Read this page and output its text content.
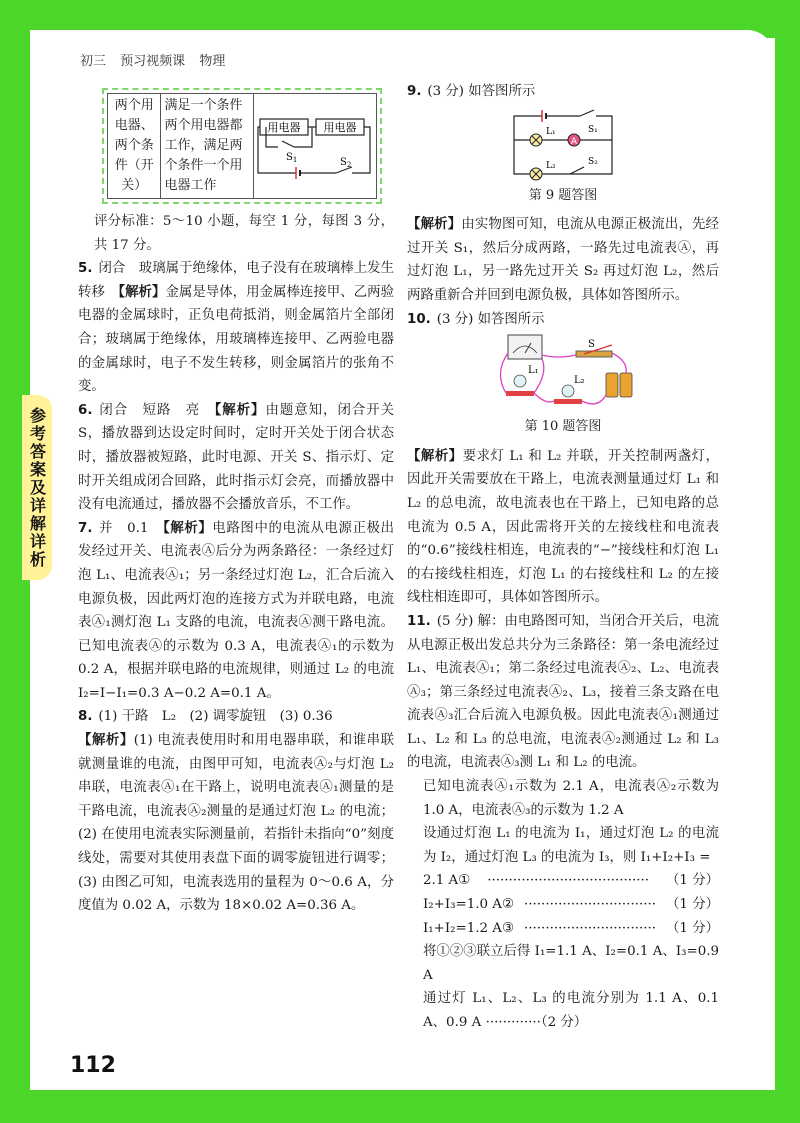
参考答案及详解详析
初三 预习视频课 物理
两个用电器、两个条件（开关）	满足一个条件两个用电器都工作，满足两个条件一个用电器工作	
用电器 用电器
$S_1$	$S_2$

评分标准：5～10 小题，每空 1 分，每图 3 分，共 17 分。

5. 闭合　玻璃属于绝缘体，电子没有在玻璃棒上发生转移　【解析】金属是导体，用金属棒连接甲、乙两验电器的金属球时，正负电荷抵消，则金属箔片全部闭合；玻璃属于绝缘体，用玻璃棒连接甲、乙两验电器的金属球时，电子不发生转移，则金属箔片的张角不变。

6. 闭合　短路　亮　【解析】由题意知，闭合开关 S，播放器到达设定时间时，定时开关处于闭合状态时，播放器被短路，此时电源、开关 S、指示灯、定时开关组成闭合回路，此时指示灯会亮，而播放器中没有电流通过，播放器不会播放音乐，不工作。

7. 并　0.1　【解析】电路图中的电流从电源正极出发经过开关、电流表Ⓐ后分为两条路径：一条经过灯泡 L₁、电流表Ⓐ₁；另一条经过灯泡 L₂，汇合后流入电源负极，因此两灯泡的连接方式为并联电路，电流表Ⓐ₁测灯泡 L₁ 支路的电流，电流表Ⓐ测干路电流。已知电流表Ⓐ的示数为 0.3 A，电流表Ⓐ₁的示数为 0.2 A，根据并联电路的电流规律，则通过 L₂ 的电流 I₂=I−I₁=0.3 A−0.2 A=0.1 A。

8. (1) 干路　L₂　(2) 调零旋钮　(3) 0.36

【解析】(1) 电流表使用时和用电器串联，和谁串联就测量谁的电流，由图甲可知，电流表Ⓐ₂与灯泡 L₂ 串联，电流表Ⓐ₁在干路上，说明电流表Ⓐ₁测量的是干路电流，电流表Ⓐ₂测量的是通过灯泡 L₂ 的电流；(2) 在使用电流表实际测量前，若指针未指向“0”刻度线处，需要对其使用表盘下面的调零旋钮进行调零；(3) 由图乙可知，电流表选用的量程为 0～0.6 A，分度值为 0.02 A，示数为 18×0.02 A=0.36 A。

9. (3 分) 如答图所示

A
L₁
L₂
S₁
S₂

第 9 题答图

【解析】由实物图可知，电流从电源正极流出，先经过开关 S₁，然后分成两路，一路先过电流表Ⓐ，再过灯泡 L₁，另一路先过开关 S₂ 再过灯泡 L₂，然后两路重新合并回到电源负极，具体如答图所示。

10. (3 分) 如答图所示

L₁
L₂
S

第 10 题答图

【解析】要求灯 L₁ 和 L₂ 并联，开关控制两盏灯，因此开关需要放在干路上，电流表测量通过灯 L₁ 和 L₂ 的总电流，故电流表也在干路上，已知电路的总电流为 0.5 A，因此需将开关的左接线柱和电流表的“0.6”接线柱相连，电流表的“−”接线柱和灯泡 L₁ 的右接线柱相连，灯泡 L₁ 的右接线柱和 L₂ 的左接线柱相连即可，具体如答图所示。

11. (5 分) 解：由电路图可知，当闭合开关后，电流从电源正极出发总共分为三条路径：第一条电流经过 L₁、电流表Ⓐ₁；第二条经过电流表Ⓐ₂、L₂、电流表Ⓐ₃；第三条经过电流表Ⓐ₂、L₃，接着三条支路在电流表Ⓐ₃汇合后流入电源负极。因此电流表Ⓐ₁测通过 L₁、L₂ 和 L₃ 的总电流，电流表Ⓐ₂测通过 L₂ 和 L₃ 的电流，电流表Ⓐ₃测 L₁ 和 L₂ 的电流。

已知电流表Ⓐ₁示数为 2.1 A，电流表Ⓐ₂示数为 1.0 A，电流表Ⓐ₃的示数为 1.2 A

设通过灯泡 L₁ 的电流为 I₁，通过灯泡 L₂ 的电流为 I₂，通过灯泡 L₃ 的电流为 I₃，则 I₁+I₂+I₃ =

2.1 A① ······································ （1 分）

I₂+I₃=1.0 A② ······························· （1 分）

I₁+I₂=1.2 A③ ······························· （1 分）

将①②③联立后得 I₁=1.1 A、I₂=0.1 A、I₃=0.9 A

通过灯 L₁、L₂、L₃ 的电流分别为 1.1 A、0.1 A、0.9 A ·············（2 分）

112
